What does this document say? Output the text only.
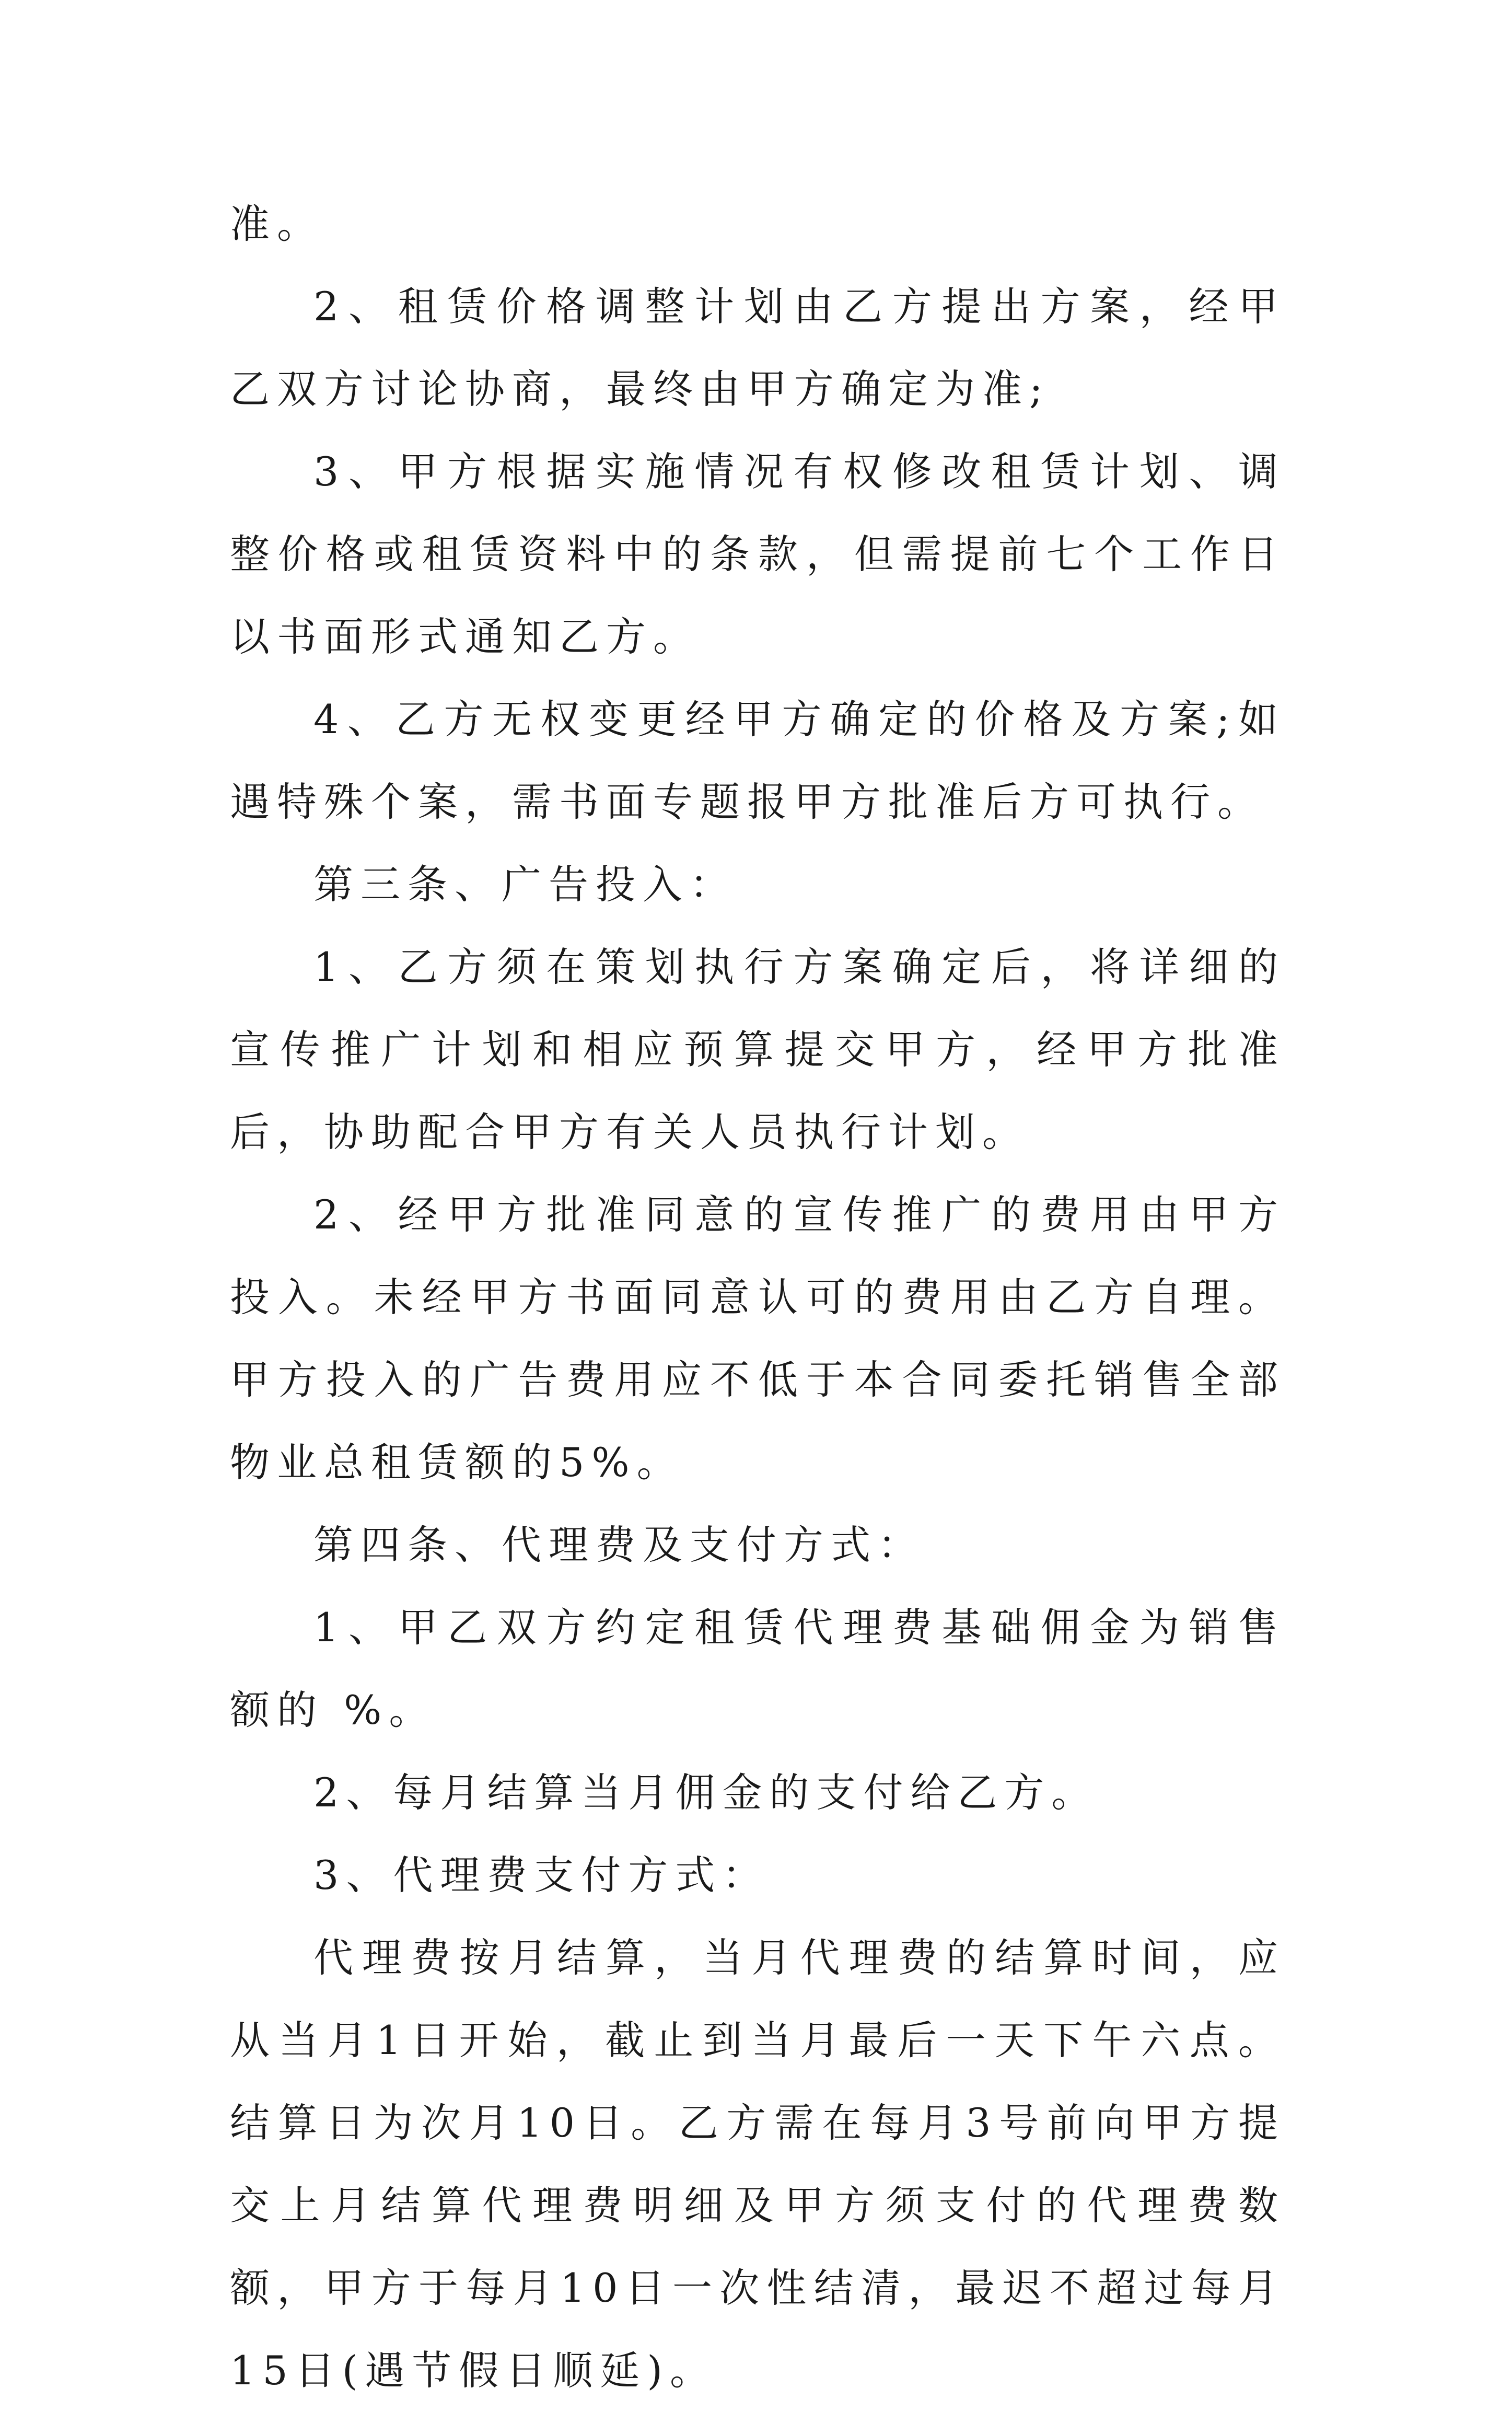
准。

2、租赁价格调整计划由乙方提出方案，经甲乙双方讨论协商，最终由甲方确定为准;

3、甲方根据实施情况有权修改租赁计划、调整价格或租赁资料中的条款，但需提前七个工作日以书面形式通知乙方。

4、乙方无权变更经甲方确定的价格及方案;如遇特殊个案，需书面专题报甲方批准后方可执行。

第三条、广告投入：

1、乙方须在策划执行方案确定后，将详细的宣传推广计划和相应预算提交甲方，经甲方批准后，协助配合甲方有关人员执行计划。

2、经甲方批准同意的宣传推广的费用由甲方投入。未经甲方书面同意认可的费用由乙方自理。甲方投入的广告费用应不低于本合同委托销售全部物业总租赁额的5%。

第四条、代理费及支付方式：

1、甲乙双方约定租赁代理费基础佣金为销售额的 %。

2、每月结算当月佣金的支付给乙方。

3、代理费支付方式：

代理费按月结算，当月代理费的结算时间，应从当月1日开始，截止到当月最后一天下午六点。结算日为次月10日。乙方需在每月3号前向甲方提交上月结算代理费明细及甲方须支付的代理费数额，甲方于每月10日一次性结清，最迟不超过每月15日(遇节假日顺延)。
